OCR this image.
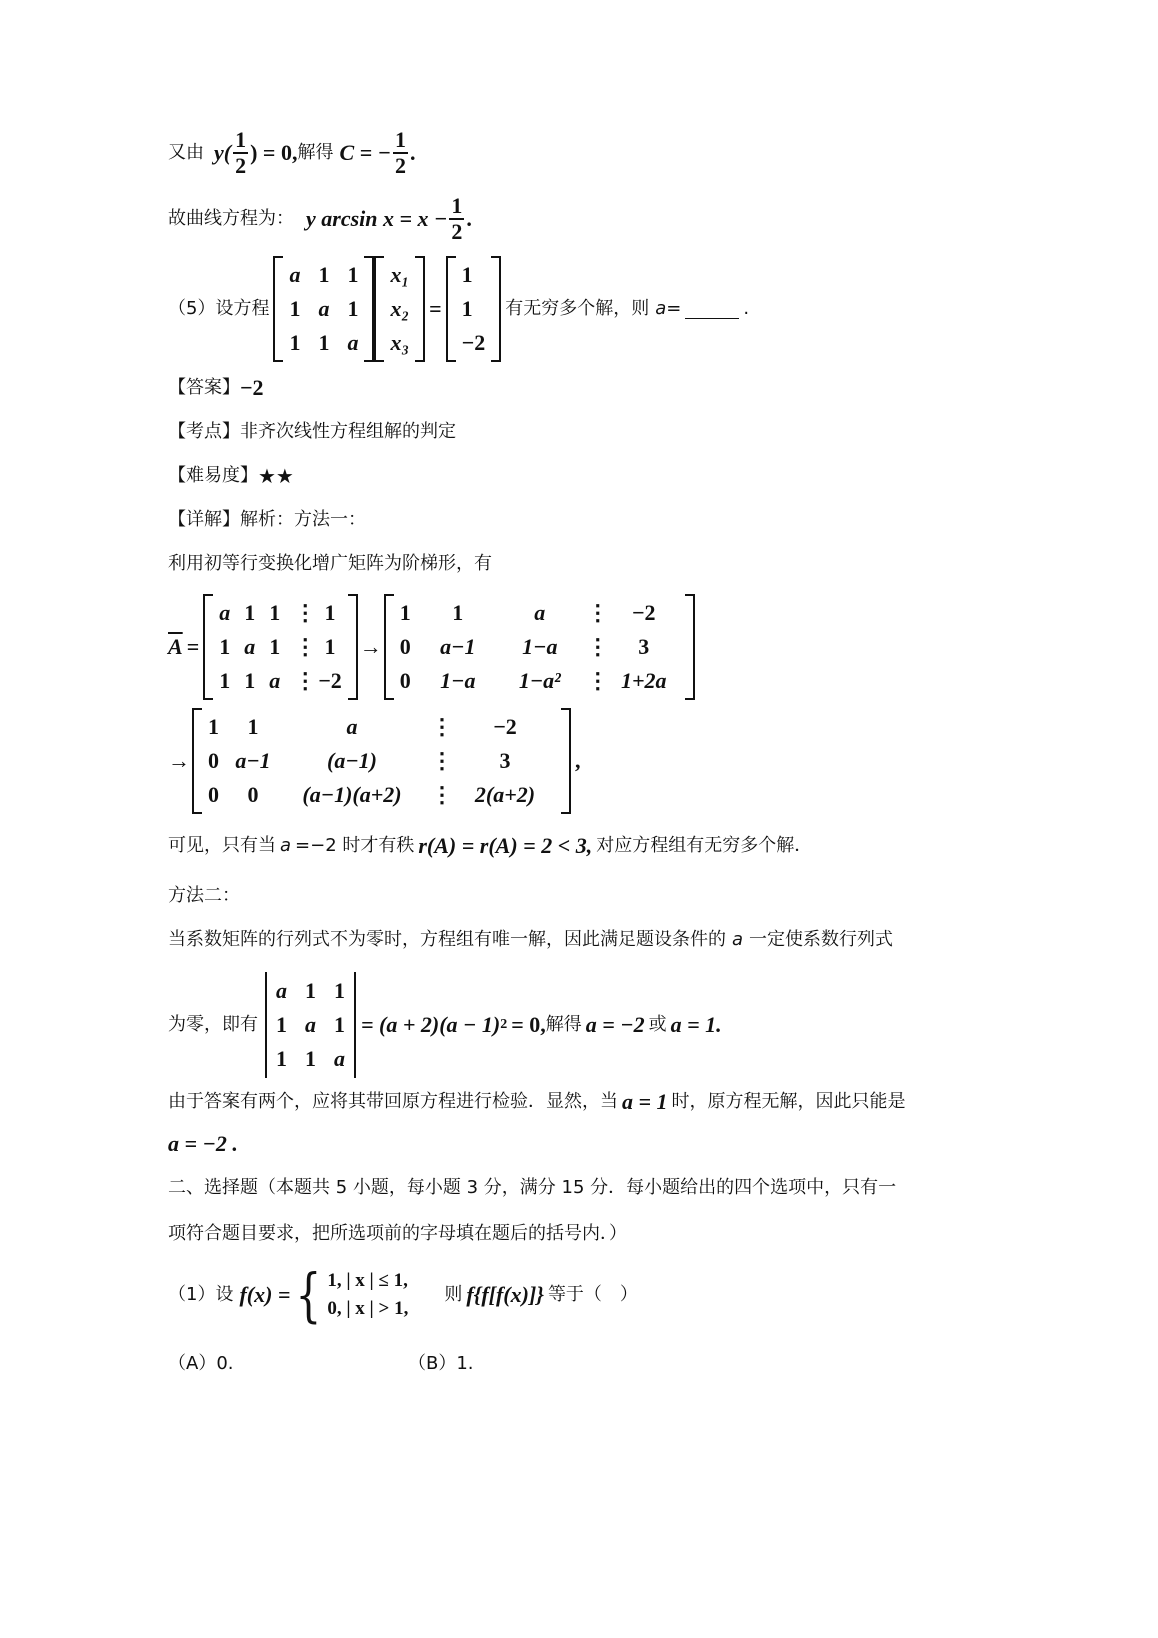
又由 $y( \frac{1}{2}$ ) = 0, 解得 C = − $\frac{1}{2}$ .
故曲线方程为： y $\arcsin x = x - \frac{1}{2}$ .
（5）设方程
a 1 1
1 a 1
1 1 a
x₁
x₂
x₃
=
1
1
−2
有无穷多个解，则 a =	.
【答案】 −2
【考点】 非齐次线性方程组解的判定
【难易度】 ★★
【详解】 解析：方法一：
利用初等行变换化增广矩阵为阶梯形，有
$\overline{A}$ =
a 1 1 ⋮ 1
1 a 1 ⋮ 1
1 1 a ⋮ −2
→
1	1	a	⋮	−2
0	a−1	1−a	⋮	3
0	1−a	1−a²	⋮ 1+2a
→
1	1	a	⋮	−2
0 a−1	(a−1)	⋮	3
0	0	(a−1)(a+2)	⋮ 2(a+2)
,
可见，只有当 a =−2 时才有秩 r(A) = r(A) = 2 < 3, 对应方程组有无穷多个解．
方法二：
当系数矩阵的行列式不为零时，方程组有唯一解，因此满足题设条件的 a 一定使系数行列式
为零，即有
a 1 1
1 a 1
1 1 a
= (a + 2)(a − 1) 2 = 0, 解得 a = −2 或 a = 1.
由于答案有两个，应将其带回原方程进行检验．显然，当 a = 1 时，原方程无解，因此只能是
a = −2 .
二、选择题（本题共 5 小题，每小题 3 分，满分 15 分．每小题给出的四个选项中，只有一
项符合题目要求，把所选项前的字母填在题后的括号内．）
（1）设 f(x) = { 1, | x | ≤ 1,
0, | x | > 1,
则 f{f[f(x)]} 等于（　）
（A）0.	（B）1.
